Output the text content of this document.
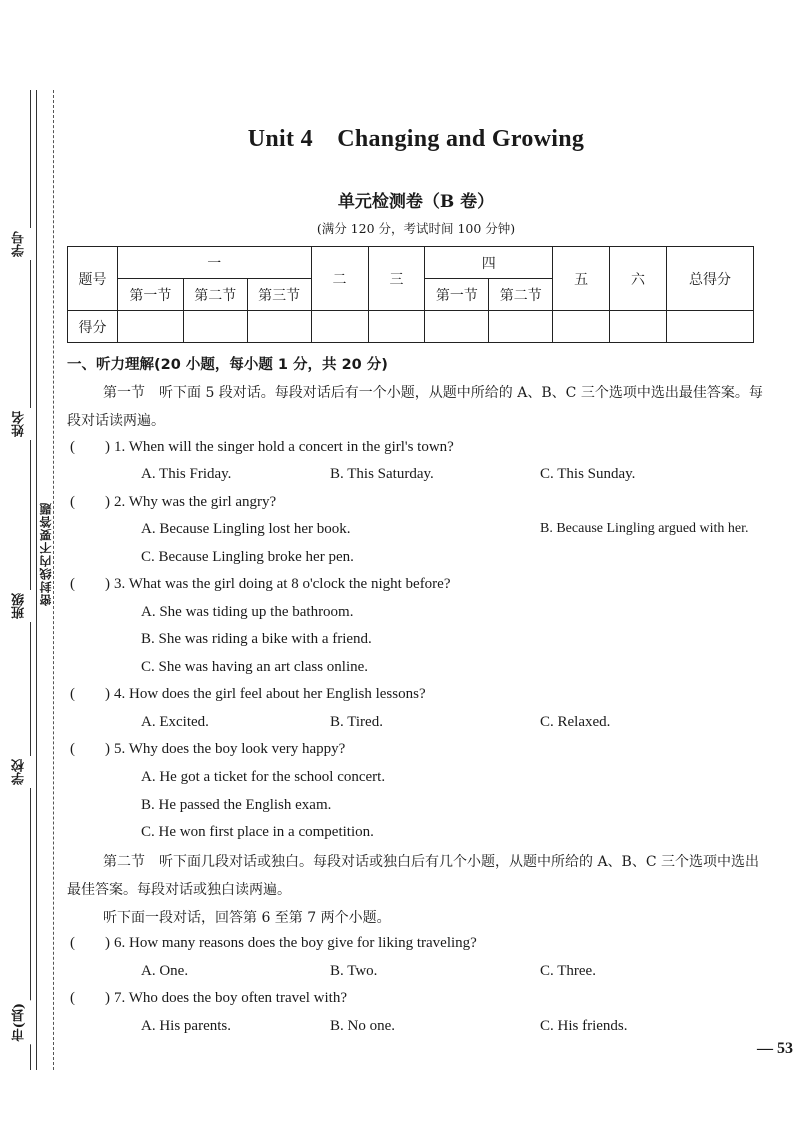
学号
姓名
班级
学校
市(县)
密封线内不要答题
Unit 4　Changing and Growing
单元检测卷（B 卷）
(满分 120 分，考试时间 100 分钟)
题号	一			二	三	四		五	六	总得分
	第一节	第二节	第三节			第一节	第二节			
得分										
一、听力理解(20 小题，每小题 1 分，共 20 分)
第一节　听下面 5 段对话。每段对话后有一个小题，从题中所给的 A、B、C 三个选项中选出最佳答案。每段对话读两遍。
(　　) 1. When will the singer hold a concert in the girl's town?
A. This Friday.	B. This Saturday.	C. This Sunday.
(　　) 2. Why was the girl angry?
A. Because Lingling lost her book.	B. Because Lingling argued with her.
C. Because Lingling broke her pen.
(　　) 3. What was the girl doing at 8 o'clock the night before?
A. She was tiding up the bathroom.
B. She was riding a bike with a friend.
C. She was having an art class online.
(　　) 4. How does the girl feel about her English lessons?
A. Excited.	B. Tired.	C. Relaxed.
(　　) 5. Why does the boy look very happy?
A. He got a ticket for the school concert.
B. He passed the English exam.
C. He won first place in a competition.
第二节　听下面几段对话或独白。每段对话或独白后有几个小题，从题中所给的 A、B、C 三个选项中选出最佳答案。每段对话或独白读两遍。
听下面一段对话，回答第 6 至第 7 两个小题。
(　　) 6. How many reasons does the boy give for liking traveling?
A. One.	B. Two.	C. Three.
(　　) 7. Who does the boy often travel with?
A. His parents.	B. No one.	C. His friends.
— 53
